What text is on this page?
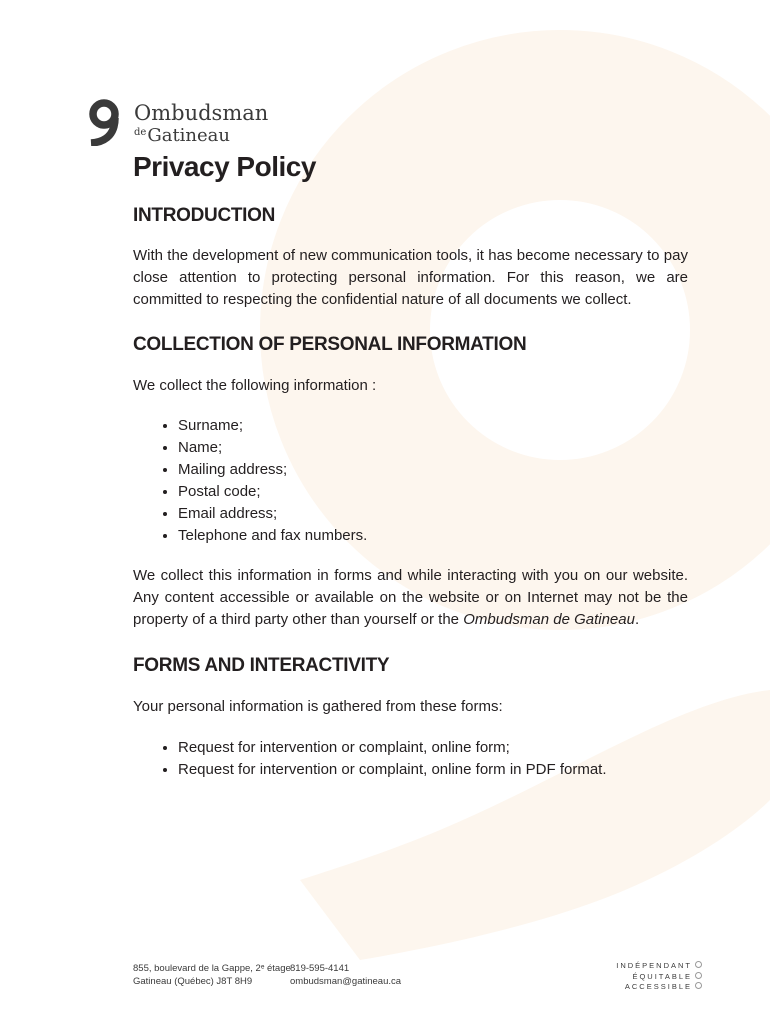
Ombudsman
$^{de}$Gatineau
Privacy Policy
INTRODUCTION

With the development of new communication tools, it has become necessary to pay close attention to protecting personal information. For this reason, we are committed to respecting the confidential nature of all documents we collect.

COLLECTION OF PERSONAL INFORMATION

We collect the following information :

• Surname;
• Name;
• Mailing address;
• Postal code;
• Email address;
• Telephone and fax numbers.

We collect this information in forms and while interacting with you on our website. Any content accessible or available on the website or on Internet may not be the property of a third party other than yourself or the Ombudsman de Gatineau.

FORMS AND INTERACTIVITY

Your personal information is gathered from these forms:

• Request for intervention or complaint, online form;
• Request for intervention or complaint, online form in PDF format.
855, boulevard de la Gappe, 2ᵉ étage
Gatineau (Québec) J8T 8H9
819-595-4141
ombudsman@gatineau.ca
INDÉPENDANT
ÉQUITABLE
ACCESSIBLE
